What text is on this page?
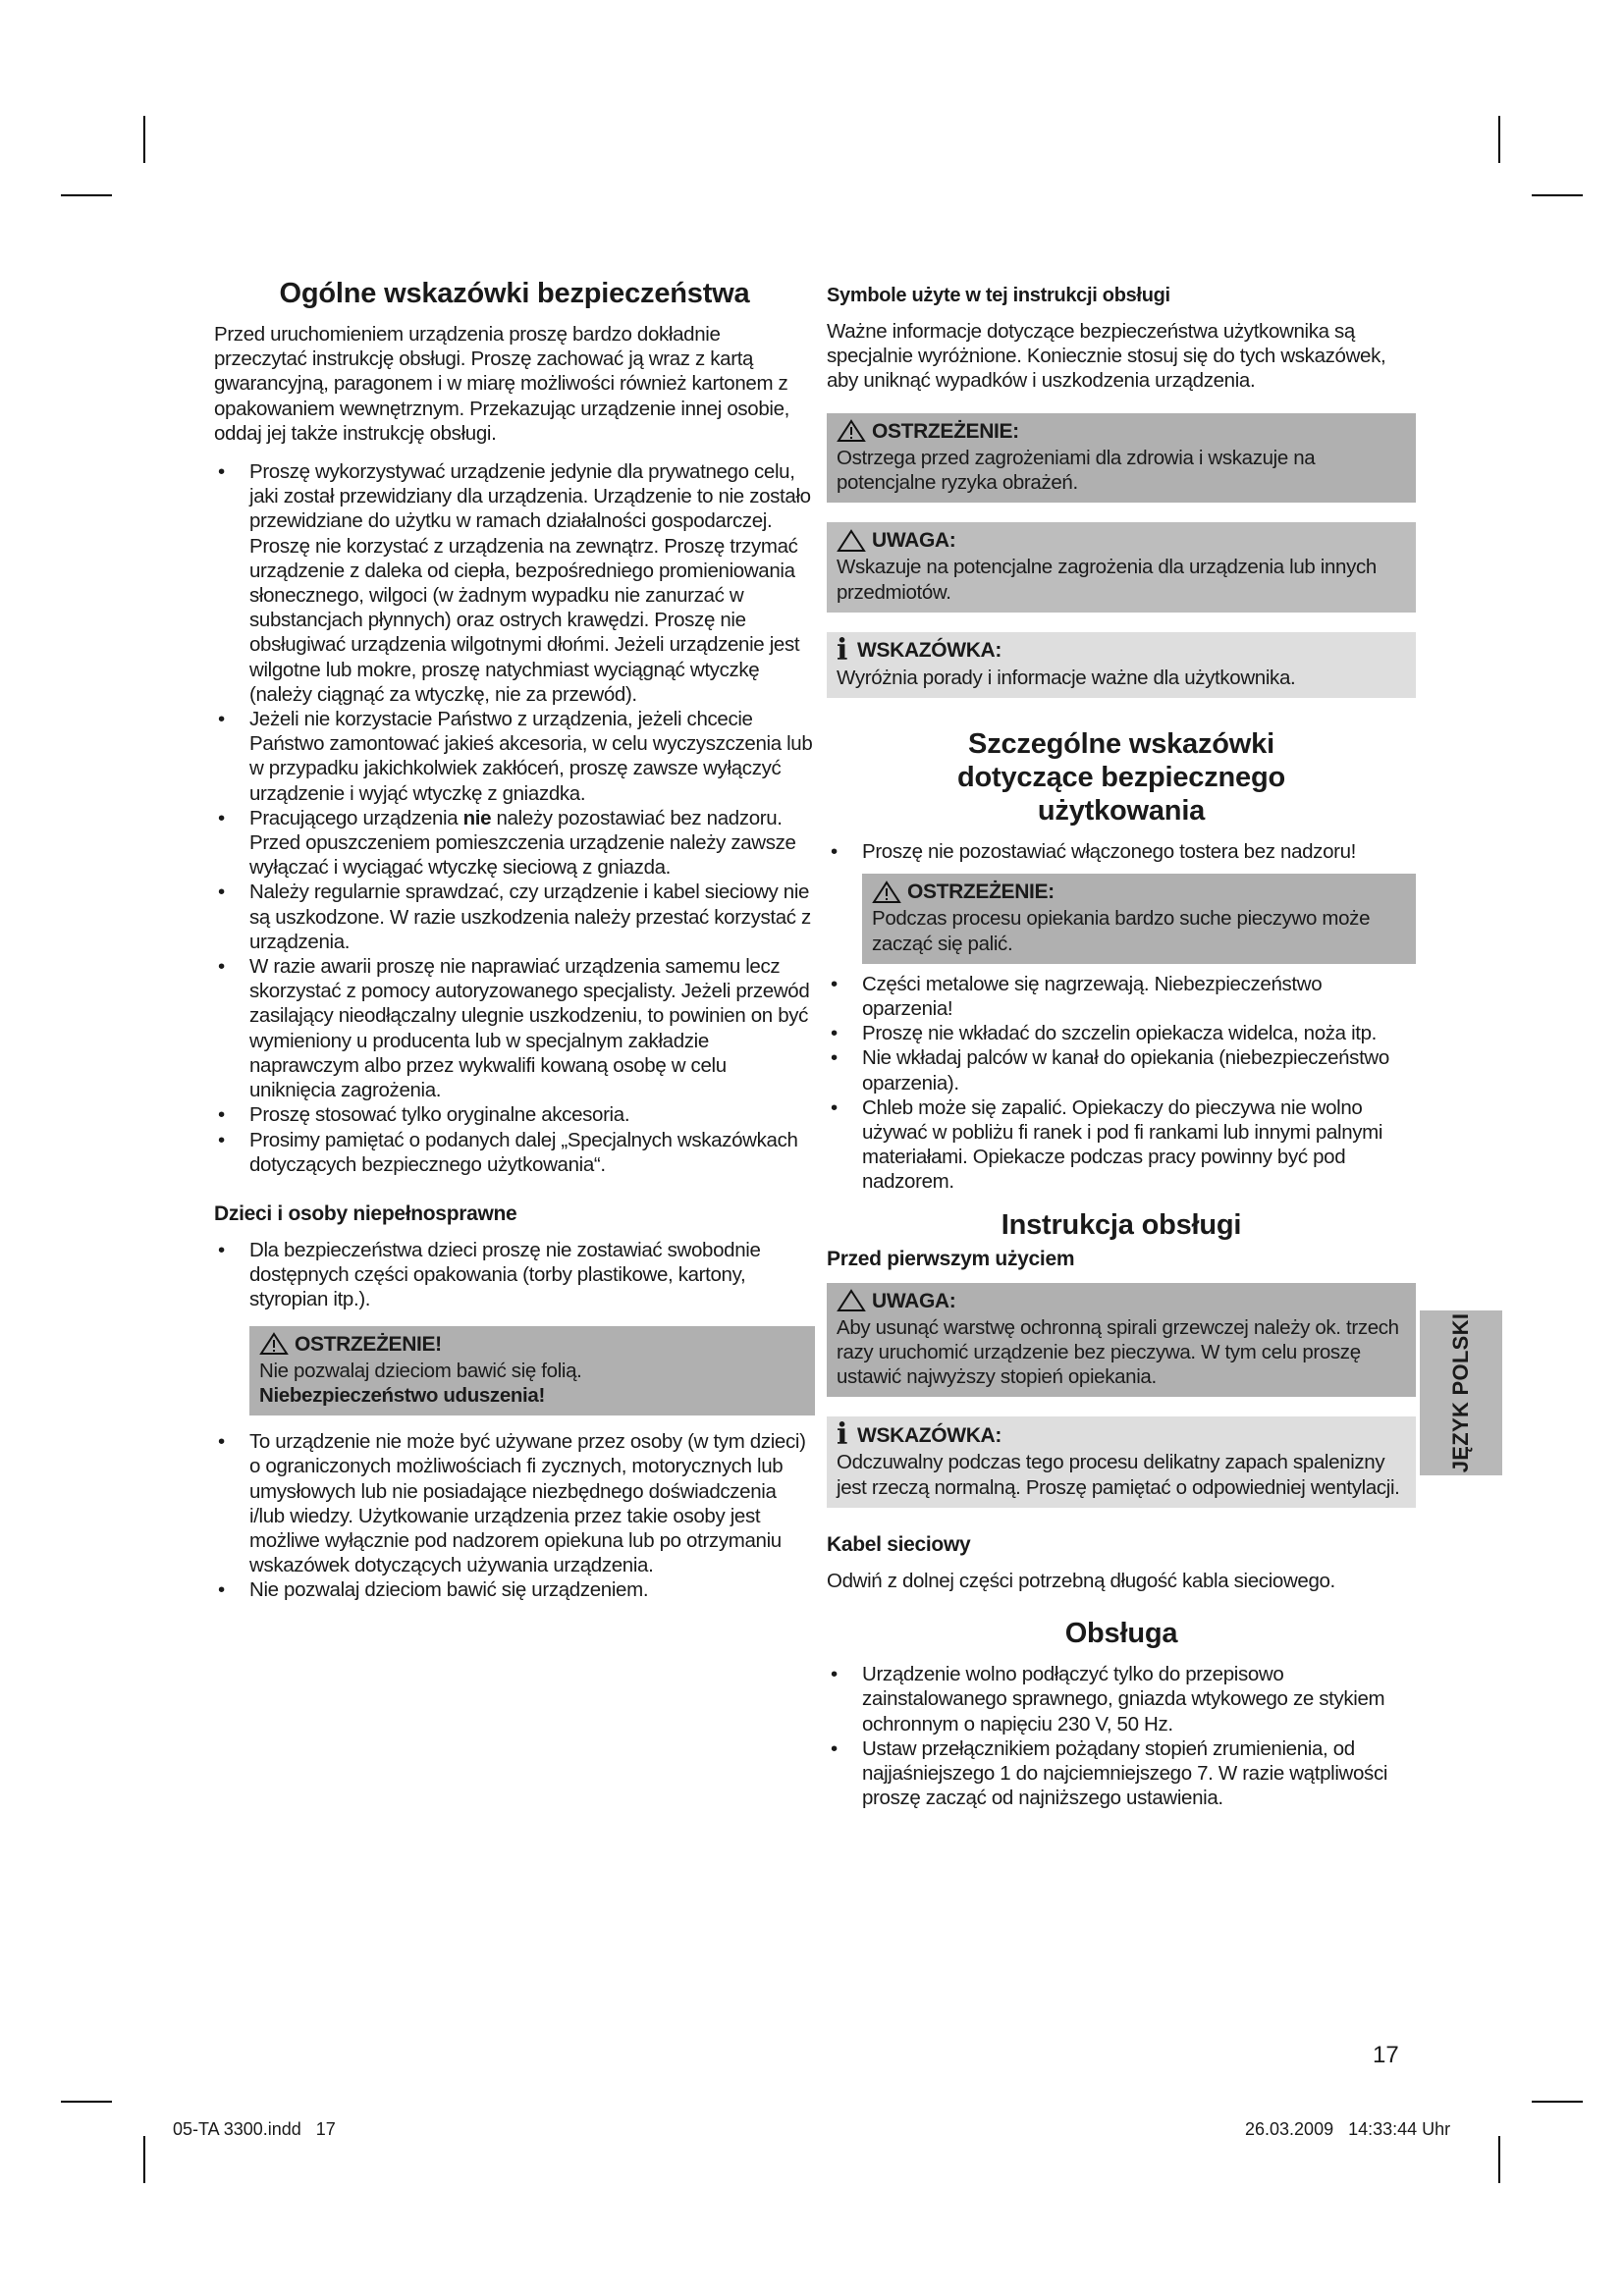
Ogólne wskazówki bezpieczeństwa

Przed uruchomieniem urządzenia proszę bardzo dokładnie przeczytać instrukcję obsługi. Proszę zachować ją wraz z kartą gwarancyjną, paragonem i w miarę możliwości również kartonem z opakowaniem wewnętrznym. Przekazując urządzenie innej osobie, oddaj jej także instrukcję obsługi.

• Proszę wykorzystywać urządzenie jedynie dla prywatnego celu, jaki został przewidziany dla urządzenia. Urządzenie to nie zostało przewidziane do użytku w ramach działalności gospodarczej. Proszę nie korzystać z urządzenia na zewnątrz. Proszę trzymać urządzenie z daleka od ciepła, bezpośredniego promieniowania słonecznego, wilgoci (w żadnym wypadku nie zanurzać w substancjach płynnych) oraz ostrych krawędzi. Proszę nie obsługiwać urządzenia wilgotnymi dłońmi. Jeżeli urządzenie jest wilgotne lub mokre, proszę natychmiast wyciągnąć wtyczkę (należy ciągnąć za wtyczkę, nie za przewód).
• Jeżeli nie korzystacie Państwo z urządzenia, jeżeli chcecie Państwo zamontować jakieś akcesoria, w celu wyczyszczenia lub w przypadku jakichkolwiek zakłóceń, proszę zawsze wyłączyć urządzenie i wyjąć wtyczkę z gniazdka.
• Pracującego urządzenia nie należy pozostawiać bez nadzoru. Przed opuszczeniem pomieszczenia urządzenie należy zawsze wyłączać i wyciągać wtyczkę sieciową z gniazda.
• Należy regularnie sprawdzać, czy urządzenie i kabel sieciowy nie są uszkodzone. W razie uszkodzenia należy przestać korzystać z urządzenia.
• W razie awarii proszę nie naprawiać urządzenia samemu lecz skorzystać z pomocy autoryzowanego specjalisty. Jeżeli przewód zasilający nieodłączalny ulegnie uszkodzeniu, to powinien on być wymieniony u producenta lub w specjalnym zakładzie naprawczym albo przez wykwalifi kowaną osobę w celu uniknięcia zagrożenia.
• Proszę stosować tylko oryginalne akcesoria.
• Prosimy pamiętać o podanych dalej „Specjalnych wskazówkach dotyczących bezpiecznego użytkowania“.
Dzieci i osoby niepełnosprawne
• Dla bezpieczeństwa dzieci proszę nie zostawiać swobodnie dostępnych części opakowania (torby plastikowe, kartony, styropian itp.).
OSTRZEŻENIE!
Nie pozwalaj dzieciom bawić się folią.
Niebezpieczeństwo uduszenia!
• To urządzenie nie może być używane przez osoby (w tym dzieci) o ograniczonych możliwościach fi zycznych, motorycznych lub umysłowych lub nie posiadające niezbędnego doświadczenia i/lub wiedzy. Użytkowanie urządzenia przez takie osoby jest możliwe wyłącznie pod nadzorem opiekuna lub po otrzymaniu wskazówek dotyczących używania urządzenia.
• Nie pozwalaj dzieciom bawić się urządzeniem.
Symbole użyte w tej instrukcji obsługi

Ważne informacje dotyczące bezpieczeństwa użytkownika są specjalnie wyróżnione. Koniecznie stosuj się do tych wskazówek, aby uniknąć wypadków i uszkodzenia urządzenia.

OSTRZEŻENIE:
Ostrzega przed zagrożeniami dla zdrowia i wskazuje na potencjalne ryzyka obrażeń.
UWAGA:
Wskazuje na potencjalne zagrożenia dla urządzenia lub innych przedmiotów.
i WSKAZÓWKA:
Wyróżnia porady i informacje ważne dla użytkownika.
Szczególne wskazówki dotyczące bezpiecznego użytkowania
• Proszę nie pozostawiać włączonego tostera bez nadzoru!
OSTRZEŻENIE:
Podczas procesu opiekania bardzo suche pieczywo może zacząć się palić.
• Części metalowe się nagrzewają. Niebezpieczeństwo oparzenia!
• Proszę nie wkładać do szczelin opiekacza widelca, noża itp.
• Nie wkładaj palców w kanał do opiekania (niebezpieczeństwo oparzenia).
• Chleb może się zapalić. Opiekaczy do pieczywa nie wolno używać w pobliżu fi ranek i pod fi rankami lub innymi palnymi materiałami. Opiekacze podczas pracy powinny być pod nadzorem.
Instrukcja obsługi
Przed pierwszym użyciem
UWAGA:
Aby usunąć warstwę ochronną spirali grzewczej należy ok. trzech razy uruchomić urządzenie bez pieczywa. W tym celu proszę ustawić najwyższy stopień opiekania.
i WSKAZÓWKA:
Odczuwalny podczas tego procesu delikatny zapach spalenizny jest rzeczą normalną. Proszę pamiętać o odpowiedniej wentylacji.
Kabel sieciowy

Odwiń z dolnej części potrzebną długość kabla sieciowego.

Obsługa
• Urządzenie wolno podłączyć tylko do przepisowo zainstalowanego sprawnego, gniazda wtykowego ze stykiem ochronnym o napięciu 230 V, 50 Hz.
• Ustaw przełącznikiem pożądany stopień zrumienienia, od najjaśniejszego 1 do najciemniejszego 7. W razie wątpliwości proszę zacząć od najniższego ustawienia.
JĘZYK POLSKI
17
05-TA 3300.indd   17	26.03.2009   14:33:44 Uhr
